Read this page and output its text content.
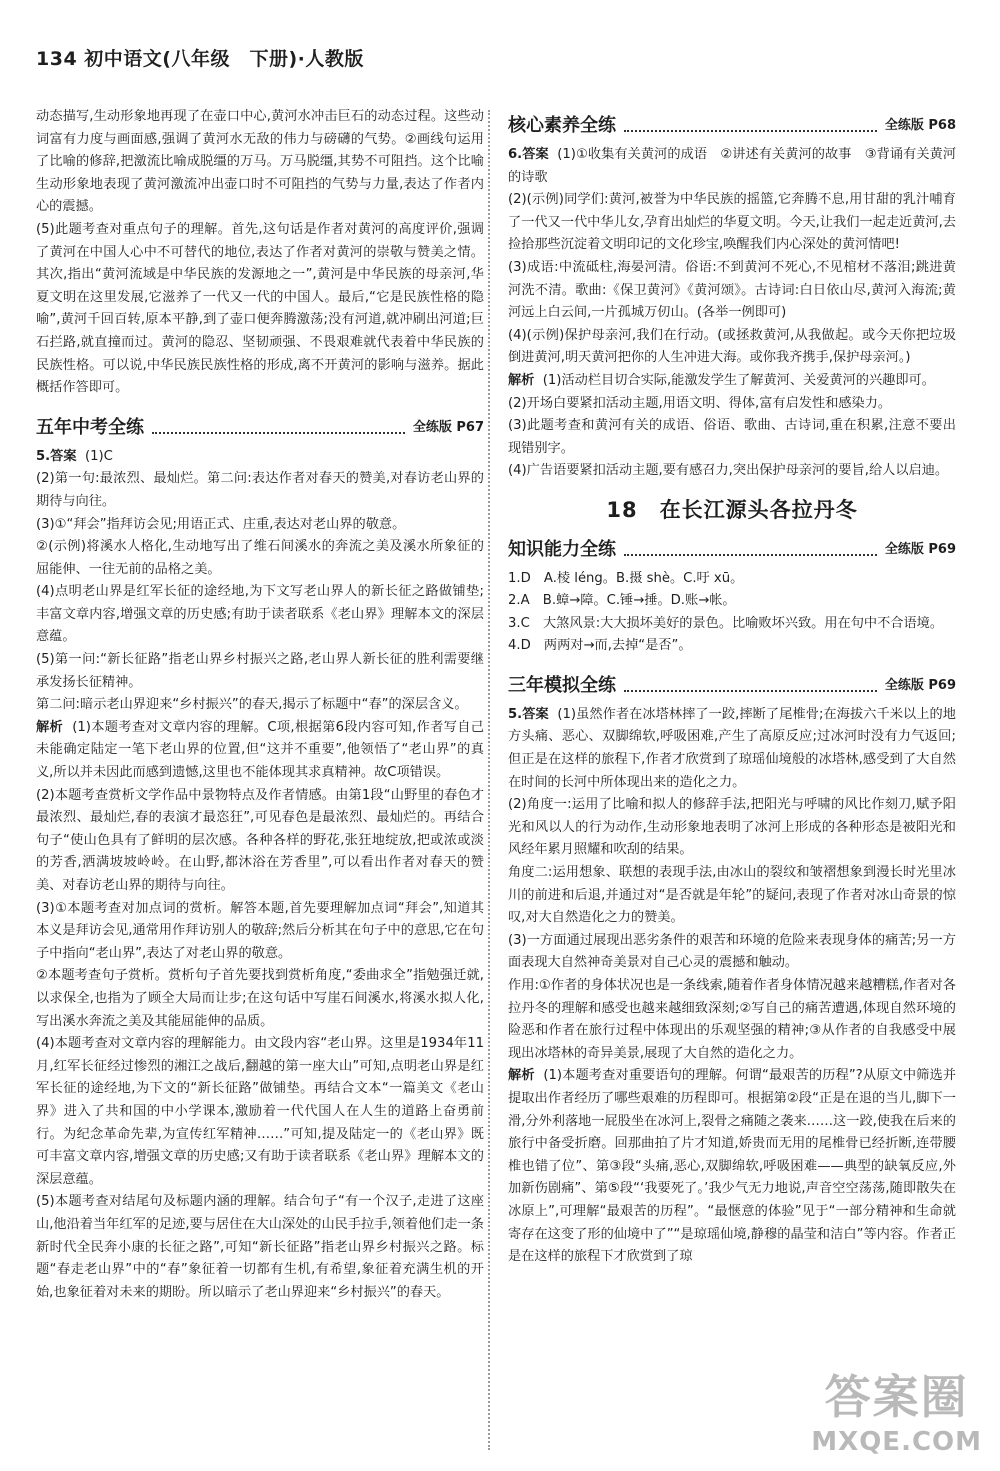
134 初中语文(八年级　下册)·人教版

动态描写,生动形象地再现了在壶口中心,黄河水冲击巨石的动态过程。这些动词富有力度与画面感,强调了黄河水无敌的伟力与磅礴的气势。②画线句运用了比喻的修辞,把激流比喻成脱缰的万马。万马脱缰,其势不可阻挡。这个比喻生动形象地表现了黄河激流冲出壶口时不可阻挡的气势与力量,表达了作者内心的震撼。

(5)此题考查对重点句子的理解。首先,这句话是作者对黄河的高度评价,强调了黄河在中国人心中不可替代的地位,表达了作者对黄河的崇敬与赞美之情。其次,指出“黄河流域是中华民族的发源地之一”,黄河是中华民族的母亲河,华夏文明在这里发展,它滋养了一代又一代的中国人。最后,“它是民族性格的隐喻”,黄河千回百转,原本平静,到了壶口便奔腾激荡;没有河道,就冲刷出河道;巨石拦路,就直撞而过。黄河的隐忍、坚韧顽强、不畏艰难就代表着中华民族的民族性格。可以说,中华民族民族性格的形成,离不开黄河的影响与滋养。据此概括作答即可。

五年中考全练	全练版 P67

5.答案 (1)C

(2)第一句:最浓烈、最灿烂。第二问:表达作者对春天的赞美,对春访老山界的期待与向往。

(3)①“拜会”指拜访会见;用语正式、庄重,表达对老山界的敬意。

②(示例)将溪水人格化,生动地写出了维石间溪水的奔流之美及溪水所象征的屈能伸、一往无前的品格之美。

(4)点明老山界是红军长征的途经地,为下文写老山界人的新长征之路做铺垫;丰富文章内容,增强文章的历史感;有助于读者联系《老山界》理解本文的深层意蕴。

(5)第一问:“新长征路”指老山界乡村振兴之路,老山界人新长征的胜利需要继承发扬长征精神。

第二问:暗示老山界迎来“乡村振兴”的春天,揭示了标题中“春”的深层含义。

解析 (1)本题考查对文章内容的理解。C项,根据第6段内容可知,作者写自己未能确定陆定一笔下老山界的位置,但“这并不重要”,他领悟了“老山界”的真义,所以并未因此而感到遗憾,这里也不能体现其求真精神。故C项错误。

(2)本题考查赏析文学作品中景物特点及作者情感。由第1段“山野里的春色才最浓烈、最灿烂,春的表演才最恣狂”,可见春色是最浓烈、最灿烂的。再结合句子“使山色具有了鲜明的层次感。各种各样的野花,张狂地绽放,把或浓或淡的芳香,洒满坡坡岭岭。在山野,都沐浴在芳香里”,可以看出作者对春天的赞美、对春访老山界的期待与向往。

(3)①本题考查对加点词的赏析。解答本题,首先要理解加点词“拜会”,知道其本义是拜访会见,通常用作拜访别人的敬辞;然后分析其在句子中的意思,它在句子中指向“老山界”,表达了对老山界的敬意。

②本题考查句子赏析。赏析句子首先要找到赏析角度,“委曲求全”指勉强迁就,以求保全,也指为了顾全大局而让步;在这句话中写崖石间溪水,将溪水拟人化,写出溪水奔流之美及其能屈能伸的品质。

(4)本题考查对文章内容的理解能力。由文段内容“老山界。这里是1934年11月,红军长征经过惨烈的湘江之战后,翻越的第一座大山”可知,点明老山界是红军长征的途经地,为下文的“新长征路”做铺垫。再结合文本“一篇美文《老山界》进入了共和国的中小学课本,激励着一代代国人在人生的道路上奋勇前行。为纪念革命先辈,为宣传红军精神……”可知,提及陆定一的《老山界》既可丰富文章内容,增强文章的历史感;又有助于读者联系《老山界》理解本文的深层意蕴。

(5)本题考查对结尾句及标题内涵的理解。结合句子“有一个汉子,走进了这座山,他沿着当年红军的足迹,要与居住在大山深处的山民手拉手,领着他们走一条新时代全民奔小康的长征之路”,可知“新长征路”指老山界乡村振兴之路。标题“春走老山界”中的“春”象征着一切都有生机,有希望,象征着充满生机的开始,也象征着对未来的期盼。所以暗示了老山界迎来“乡村振兴”的春天。

核心素养全练	全练版 P68

6.答案 (1)①收集有关黄河的成语　②讲述有关黄河的故事　③背诵有关黄河的诗歌

(2)(示例)同学们:黄河,被誉为中华民族的摇篮,它奔腾不息,用甘甜的乳汁哺育了一代又一代中华儿女,孕育出灿烂的华夏文明。今天,让我们一起走近黄河,去捡拾那些沉淀着文明印记的文化珍宝,唤醒我们内心深处的黄河情吧!

(3)成语:中流砥柱,海晏河清。俗语:不到黄河不死心,不见棺材不落泪;跳进黄河洗不清。歌曲:《保卫黄河》《黄河颂》。古诗词:白日依山尽,黄河入海流;黄河远上白云间,一片孤城万仞山。(各举一例即可)

(4)(示例)保护母亲河,我们在行动。(或拯救黄河,从我做起。或今天你把垃圾倒进黄河,明天黄河把你的人生冲进大海。或你我齐携手,保护母亲河。)

解析 (1)活动栏目切合实际,能激发学生了解黄河、关爱黄河的兴趣即可。

(2)开场白要紧扣活动主题,用语文明、得体,富有启发性和感染力。

(3)此题考查和黄河有关的成语、俗语、歌曲、古诗词,重在积累,注意不要出现错别字。

(4)广告语要紧扣活动主题,要有感召力,突出保护母亲河的要旨,给人以启迪。

18　在长江源头各拉丹冬
知识能力全练	全练版 P69

1.D　A.棱 léng。B.摄 shè。C.吁 xū。

2.A　B.蟑→障。C.锤→捶。D.账→帐。

3.C　大煞风景:大大损坏美好的景色。比喻败坏兴致。用在句中不合语境。

4.D　两两对→而,去掉“是否”。

三年模拟全练	全练版 P69

5.答案 (1)虽然作者在冰塔林摔了一跤,摔断了尾椎骨;在海拔六千米以上的地方头痛、恶心、双脚绵软,呼吸困难,产生了高原反应;过冰河时没有力气返回;但正是在这样的旅程下,作者才欣赏到了琼瑶仙境般的冰塔林,感受到了大自然在时间的长河中所体现出来的造化之力。

(2)角度一:运用了比喻和拟人的修辞手法,把阳光与呼啸的风比作刻刀,赋予阳光和风以人的行为动作,生动形象地表明了冰河上形成的各种形态是被阳光和风经年累月照耀和吹刮的结果。

角度二:运用想象、联想的表现手法,由冰山的裂纹和皱褶想象到漫长时光里冰川的前进和后退,并通过对“是否就是年轮”的疑问,表现了作者对冰山奇景的惊叹,对大自然造化之力的赞美。

(3)一方面通过展现出恶劣条件的艰苦和环境的危险来表现身体的痛苦;另一方面表现大自然神奇美景对自己心灵的震撼和触动。

作用:①作者的身体状况也是一条线索,随着作者身体情况越来越糟糕,作者对各拉丹冬的理解和感受也越来越细致深刻;②写自己的痛苦遭遇,体现自然环境的险恶和作者在旅行过程中体现出的乐观坚强的精神;③从作者的自我感受中展现出冰塔林的奇异美景,展现了大自然的造化之力。

解析 (1)本题考查对重要语句的理解。何谓“最艰苦的历程”?从原文中筛选并提取出作者经历了哪些艰难的历程即可。根据第②段“正是在退的当儿,脚下一滑,分外利落地一屁股坐在冰河上,裂骨之痛随之袭来……这一跤,使我在后来的旅行中备受折磨。回那曲拍了片才知道,娇贵而无用的尾椎骨已经折断,连带腰椎也错了位”、第③段“头痛,恶心,双脚绵软,呼吸困难——典型的缺氧反应,外加新伤剧痛”、第⑤段“‘我要死了。’我少气无力地说,声音空空荡荡,随即散失在冰原上”,可理解“最艰苦的历程”。“最惬意的体验”见于“一部分精神和生命就寄存在这变了形的仙境中了”“是琼瑶仙境,静穆的晶莹和洁白”等内容。作者正是在这样的旅程下才欣赏到了琼

答案圈
MXQE.COM
